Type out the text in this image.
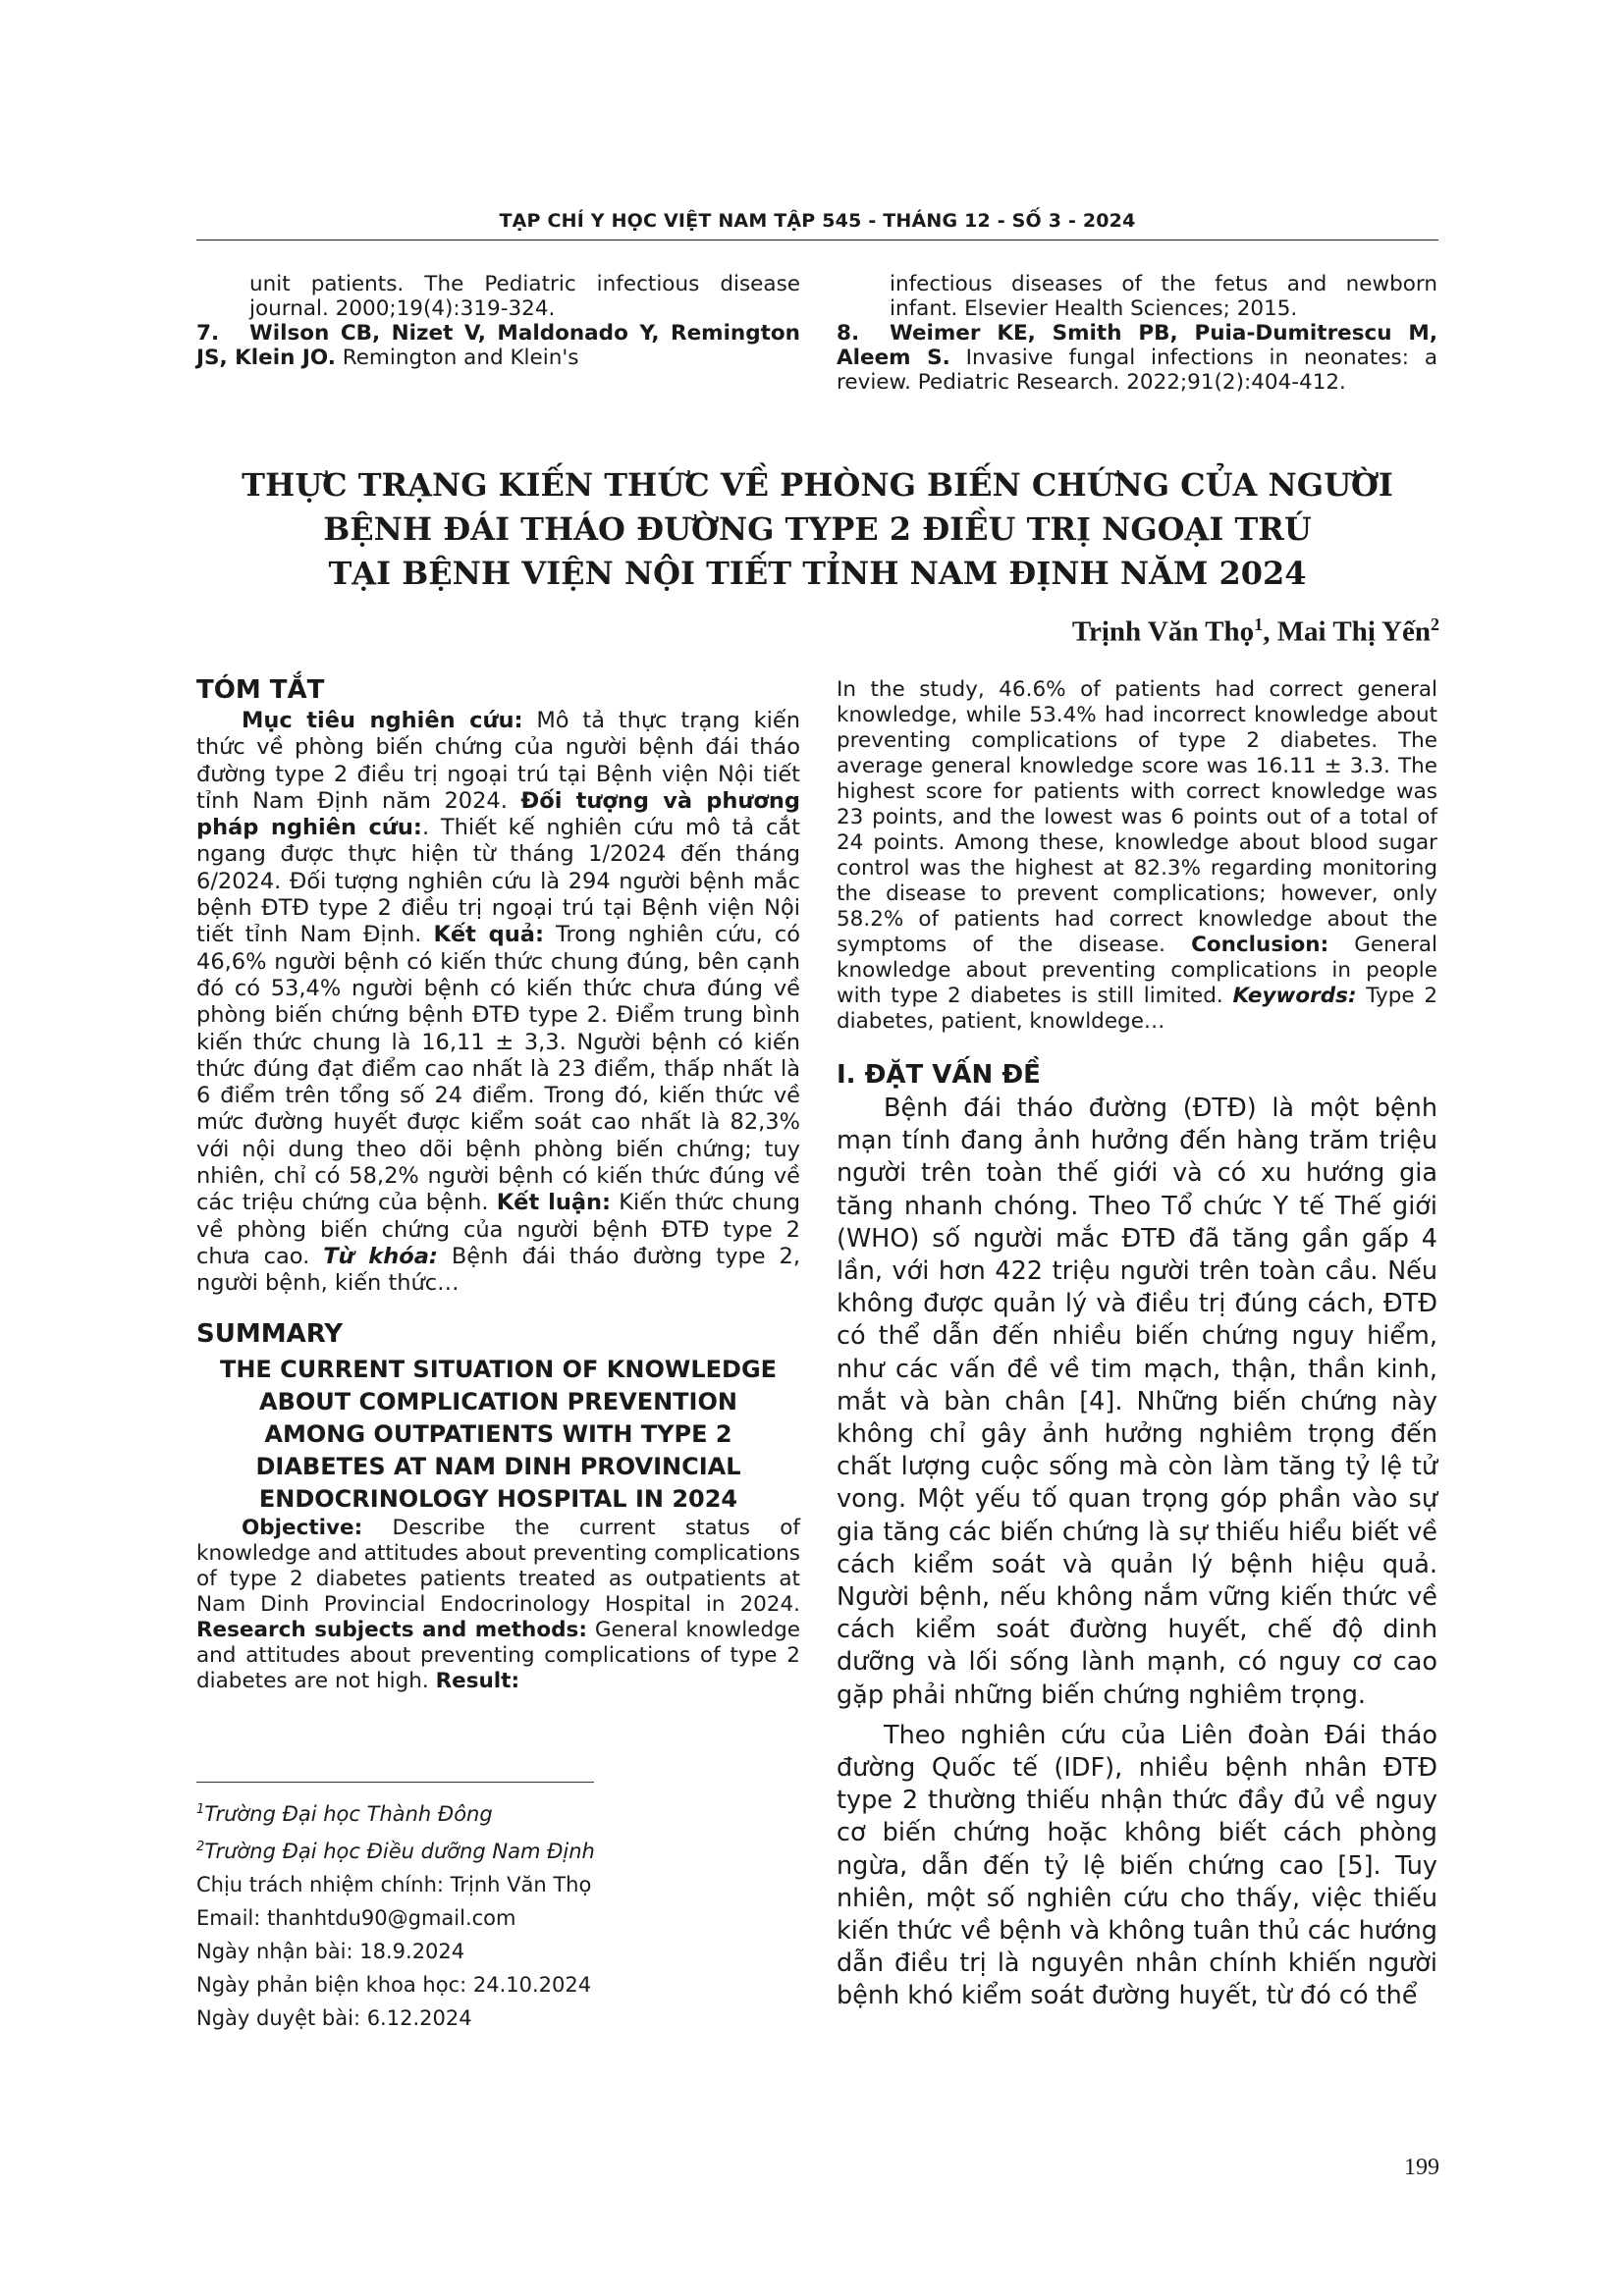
TẠP CHÍ Y HỌC VIỆT NAM TẬP 545 - THÁNG 12 - SỐ 3 - 2024

unit patients. The Pediatric infectious disease journal. 2000;19(4):319-324.

7. Wilson CB, Nizet V, Maldonado Y, Remington JS, Klein JO. Remington and Klein's

infectious diseases of the fetus and newborn infant. Elsevier Health Sciences; 2015.

8. Weimer KE, Smith PB, Puia-Dumitrescu M, Aleem S. Invasive fungal infections in neonates: a review. Pediatric Research. 2022;91(2):404-412.

THỰC TRẠNG KIẾN THỨC VỀ PHÒNG BIẾN CHỨNG CỦA NGƯỜI
BỆNH ĐÁI THÁO ĐƯỜNG TYPE 2 ĐIỀU TRỊ NGOẠI TRÚ
TẠI BỆNH VIỆN NỘI TIẾT TỈNH NAM ĐỊNH NĂM 2024
Trịnh Văn Thọ$^1$, Mai Thị Yến$^2$
TÓM TẮT

Mục tiêu nghiên cứu: Mô tả thực trạng kiến thức về phòng biến chứng của người bệnh đái tháo đường type 2 điều trị ngoại trú tại Bệnh viện Nội tiết tỉnh Nam Định năm 2024. Đối tượng và phương pháp nghiên cứu:. Thiết kế nghiên cứu mô tả cắt ngang được thực hiện từ tháng 1/2024 đến tháng 6/2024. Đối tượng nghiên cứu là 294 người bệnh mắc bệnh ĐTĐ type 2 điều trị ngoại trú tại Bệnh viện Nội tiết tỉnh Nam Định. Kết quả: Trong nghiên cứu, có 46,6% người bệnh có kiến thức chung đúng, bên cạnh đó có 53,4% người bệnh có kiến thức chưa đúng về phòng biến chứng bệnh ĐTĐ type 2. Điểm trung bình kiến thức chung là 16,11 ± 3,3. Người bệnh có kiến thức đúng đạt điểm cao nhất là 23 điểm, thấp nhất là 6 điểm trên tổng số 24 điểm. Trong đó, kiến thức về mức đường huyết được kiểm soát cao nhất là 82,3% với nội dung theo dõi bệnh phòng biến chứng; tuy nhiên, chỉ có 58,2% người bệnh có kiến thức đúng về các triệu chứng của bệnh. Kết luận: Kiến thức chung về phòng biến chứng của người bệnh ĐTĐ type 2 chưa cao. Từ khóa: Bệnh đái tháo đường type 2, người bệnh, kiến thức…

SUMMARY
THE CURRENT SITUATION OF KNOWLEDGE
ABOUT COMPLICATION PREVENTION
AMONG OUTPATIENTS WITH TYPE 2
DIABETES AT NAM DINH PROVINCIAL
ENDOCRINOLOGY HOSPITAL IN 2024

Objective: Describe the current status of knowledge and attitudes about preventing complications of type 2 diabetes patients treated as outpatients at Nam Dinh Provincial Endocrinology Hospital in 2024. Research subjects and methods: General knowledge and attitudes about preventing complications of type 2 diabetes are not high. Result:

In the study, 46.6% of patients had correct general knowledge, while 53.4% had incorrect knowledge about preventing complications of type 2 diabetes. The average general knowledge score was 16.11 ± 3.3. The highest score for patients with correct knowledge was 23 points, and the lowest was 6 points out of a total of 24 points. Among these, knowledge about blood sugar control was the highest at 82.3% regarding monitoring the disease to prevent complications; however, only 58.2% of patients had correct knowledge about the symptoms of the disease. Conclusion: General knowledge about preventing complications in people with type 2 diabetes is still limited. Keywords: Type 2 diabetes, patient, knowldege…

I. ĐẶT VẤN ĐỀ

Bệnh đái tháo đường (ĐTĐ) là một bệnh mạn tính đang ảnh hưởng đến hàng trăm triệu người trên toàn thế giới và có xu hướng gia tăng nhanh chóng. Theo Tổ chức Y tế Thế giới (WHO) số người mắc ĐTĐ đã tăng gần gấp 4 lần, với hơn 422 triệu người trên toàn cầu. Nếu không được quản lý và điều trị đúng cách, ĐTĐ có thể dẫn đến nhiều biến chứng nguy hiểm, như các vấn đề về tim mạch, thận, thần kinh, mắt và bàn chân [4]. Những biến chứng này không chỉ gây ảnh hưởng nghiêm trọng đến chất lượng cuộc sống mà còn làm tăng tỷ lệ tử vong. Một yếu tố quan trọng góp phần vào sự gia tăng các biến chứng là sự thiếu hiểu biết về cách kiểm soát và quản lý bệnh hiệu quả. Người bệnh, nếu không nắm vững kiến thức về cách kiểm soát đường huyết, chế độ dinh dưỡng và lối sống lành mạnh, có nguy cơ cao gặp phải những biến chứng nghiêm trọng.

Theo nghiên cứu của Liên đoàn Đái tháo đường Quốc tế (IDF), nhiều bệnh nhân ĐTĐ type 2 thường thiếu nhận thức đầy đủ về nguy cơ biến chứng hoặc không biết cách phòng ngừa, dẫn đến tỷ lệ biến chứng cao [5]. Tuy nhiên, một số nghiên cứu cho thấy, việc thiếu kiến thức về bệnh và không tuân thủ các hướng dẫn điều trị là nguyên nhân chính khiến người bệnh khó kiểm soát đường huyết, từ đó có thể

$^1$Trường Đại học Thành Đông
$^2$Trường Đại học Điều dưỡng Nam Định
Chịu trách nhiệm chính: Trịnh Văn Thọ
Email: thanhtdu90@gmail.com
Ngày nhận bài: 18.9.2024
Ngày phản biện khoa học: 24.10.2024
Ngày duyệt bài: 6.12.2024
199
